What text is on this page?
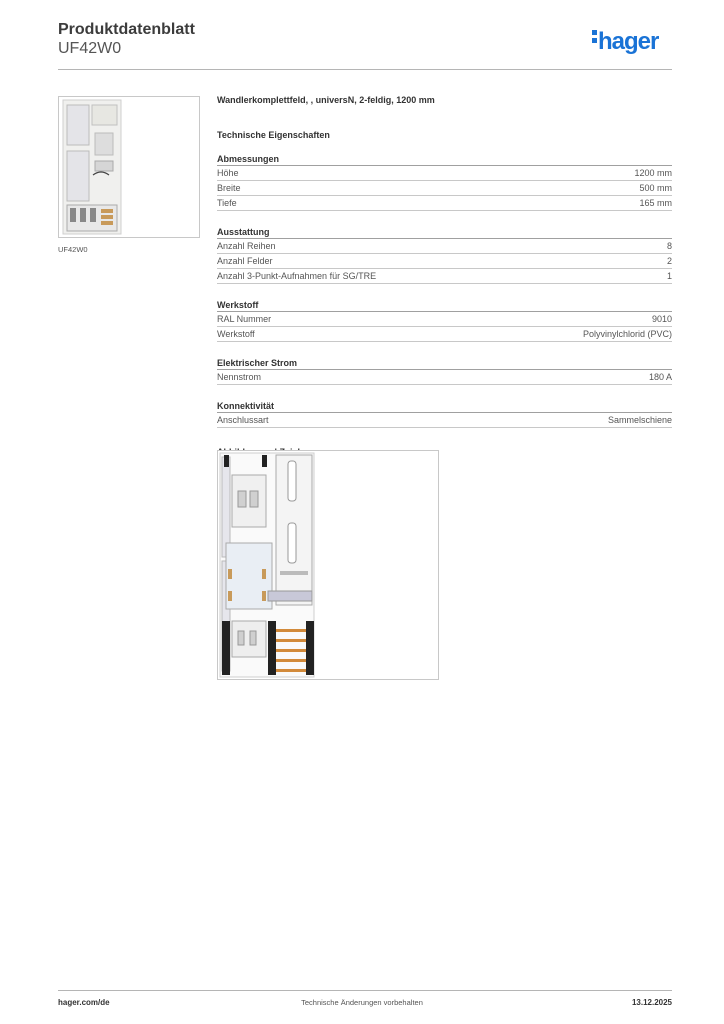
Produktdatenblatt
UF42W0	hager
UF42W0
Wandlerkomplettfeld, , universN, 2-feldig, 1200 mm
Technische Eigenschaften
Abmessungen
Höhe	1200 mm
Breite	500 mm
Tiefe	165 mm
Ausstattung
Anzahl Reihen	8
Anzahl Felder	2
Anzahl 3-Punkt-Aufnahmen für SG/TRE	1
Werkstoff
RAL Nummer	9010
Werkstoff	Polyvinylchlorid (PVC)
Elektrischer Strom
Nennstrom	180 A
Konnektivität
Anschlussart	Sammelschiene
hager.com/de	Technische Änderungen vorbehalten	13.12.2025
